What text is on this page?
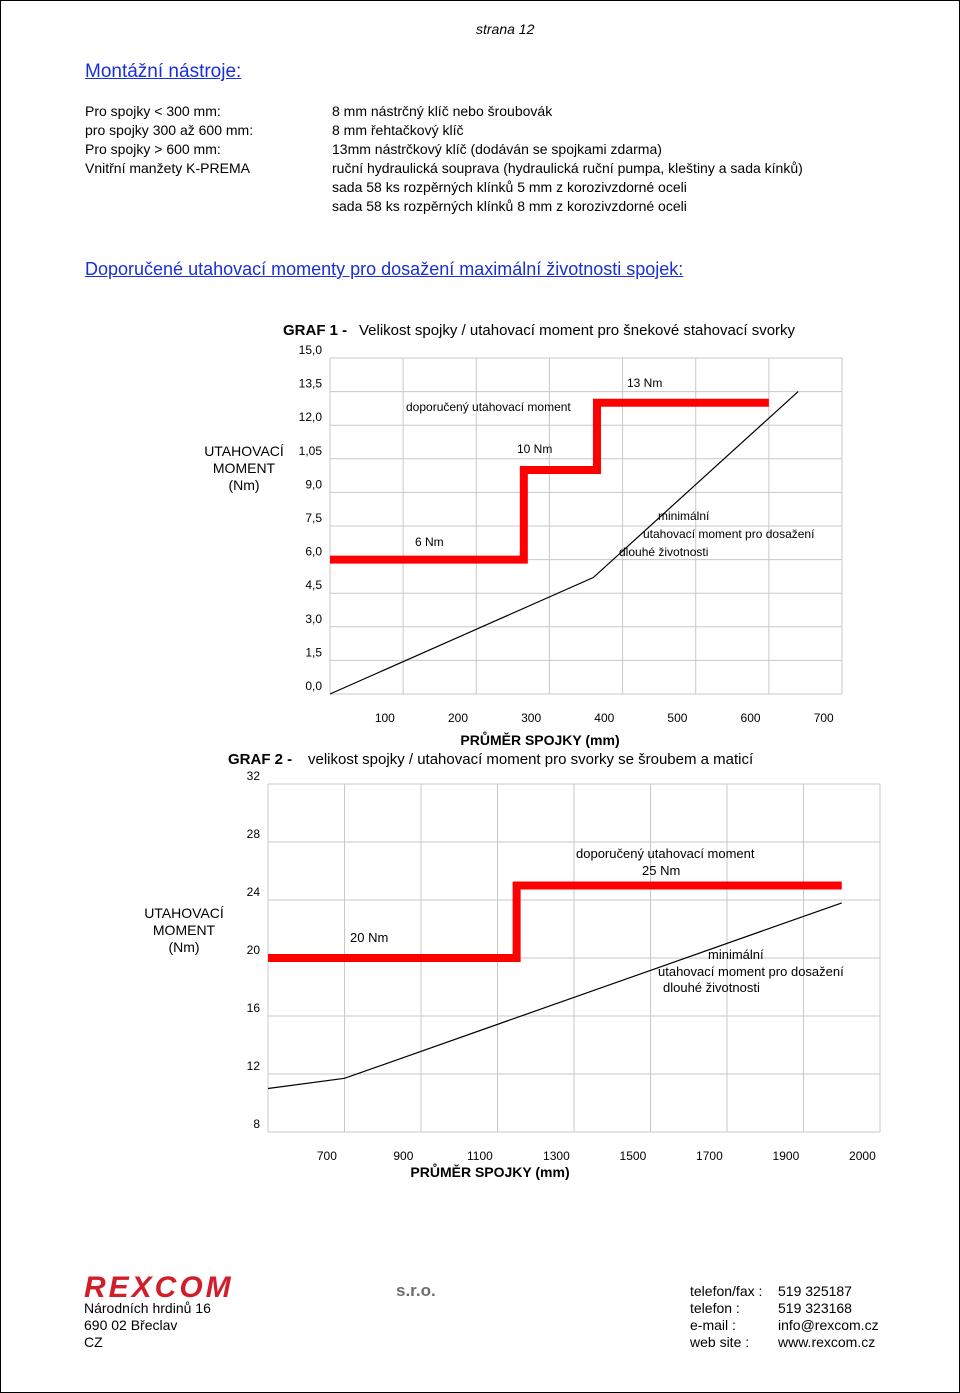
strana 12
Montážní nástroje:
Pro spojky < 300 mm:	8 mm nástrčný klíč nebo šroubovák
pro spojky 300 až 600 mm:	8 mm řehtačkový klíč
Pro spojky > 600 mm:	13mm nástrčkový klíč (dodáván se spojkami zdarma)
Vnitřní manžety K-PREMA	ruční hydraulická souprava (hydraulická ruční pumpa, kleštiny a sada kínků)
sada 58 ks rozpěrných klínků 5 mm z korozivzdorné oceli
sada 58 ks rozpěrných klínků 8 mm z korozivzdorné oceli
Doporučené utahovací momenty pro dosažení maximální životnosti spojek:
GRAF 1 - Velikost spojky / utahovací moment pro šnekové stahovací svorky
15,0
13,5
12,0
1,05
9,0
7,5
6,0
4,5
3,0
1,5
0,0
100	200	300	400	500	600	700
UTAHOVACÍ
MOMENT
(Nm)
PRŮMĚR SPOJKY (mm)
doporučený utahovací moment
13 Nm
10 Nm
6 Nm
minimální
utahovací moment pro dosažení
dlouhé životnosti
GRAF 2 - velikost spojky / utahovací moment pro svorky se šroubem a maticí
32
28
24
20
16
12
8
700	900	1100	1300	1500	1700	1900	2000
UTAHOVACÍ
MOMENT
(Nm)
PRŮMĚR SPOJKY (mm)
doporučený utahovací moment
25 Nm
20 Nm
minimální
utahovací moment pro dosažení
dlouhé životnosti
REXCOM	s.r.o.
Národních hrdinů 16
690 02 Břeclav
CZ
telefon/fax :	519 325187
telefon :	519 323168
e-mail :	info@rexcom.cz
web site :	www.rexcom.cz
